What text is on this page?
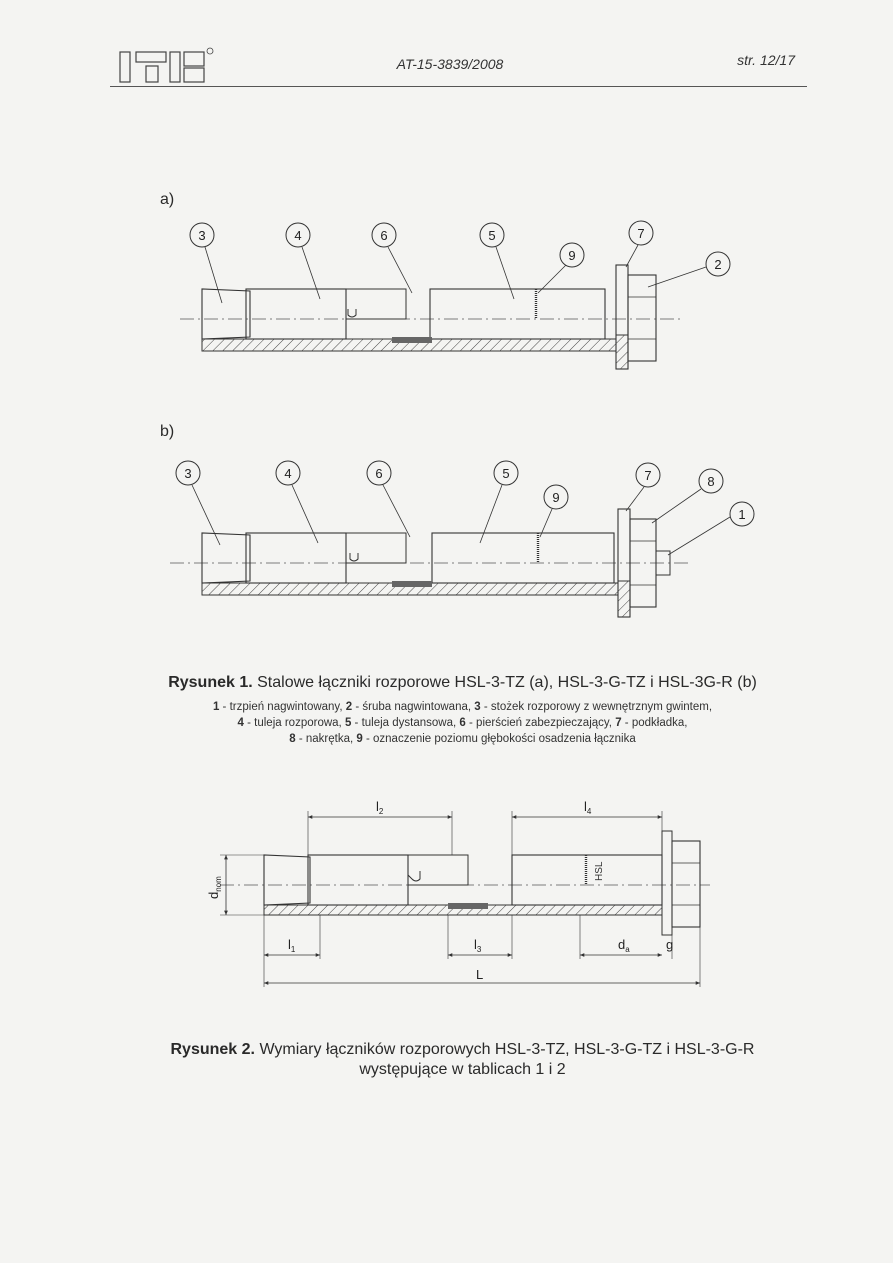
AT-15-3839/2008	str. 12/17
a)
3	4	6	5
9
7
2
b)
3	4	6	5
9
7	8
1
Rysunek 1. Stalowe łączniki rozporowe HSL-3-TZ (a), HSL-3-G-TZ i HSL-3G-R (b)
1 - trzpień nagwintowany, 2 - śruba nagwintowana, 3 - stożek rozporowy z wewnętrznym gwintem,
4 - tuleja rozporowa, 5 - tuleja dystansowa, 6 - pierścień zabezpieczający, 7 - podkładka,
8 - nakrętka, 9 - oznaczenie poziomu głębokości osadzenia łącznika
HSL
$l_2$	$l_4$
$d_{nom}$
$l_1$	$l_3$	$d_a$	g
L
Rysunek 2. Wymiary łączników rozporowych HSL-3-TZ, HSL-3-G-TZ i HSL-3-G-R
występujące w tablicach 1 i 2
